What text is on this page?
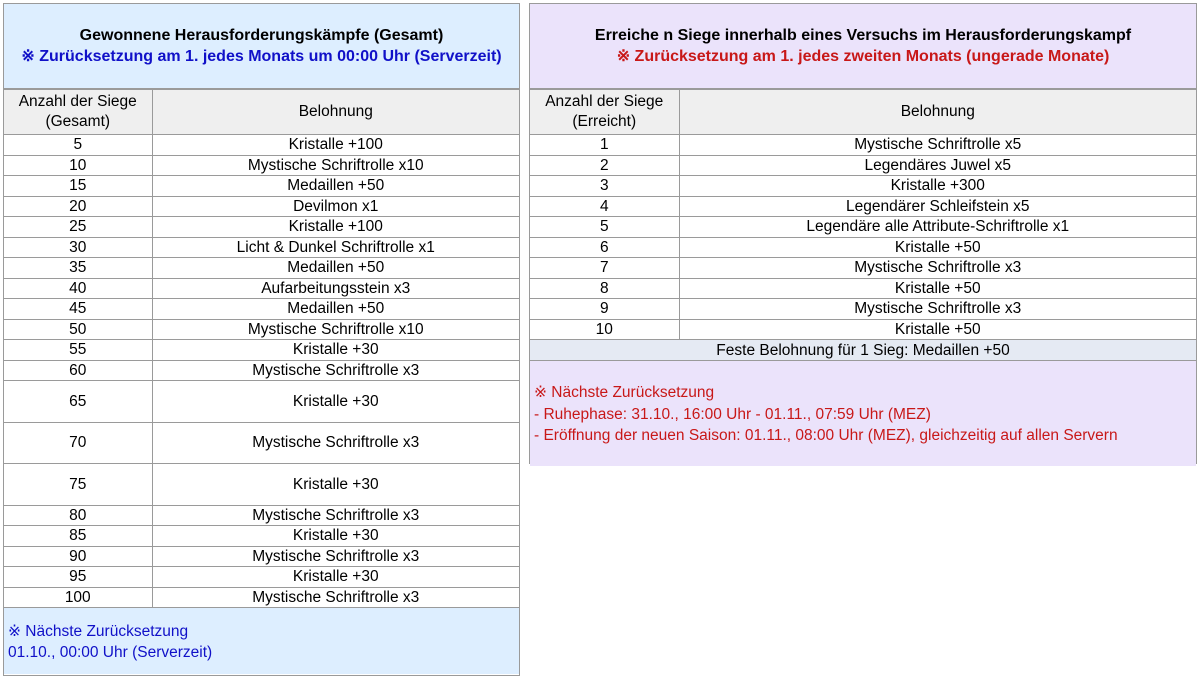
Gewonnene Herausforderungskämpfe (Gesamt)
※ Zurücksetzung am 1. jedes Monats um 00:00 Uhr (Serverzeit)
Anzahl der Siege (Gesamt)	Belohnung
5	Kristalle +100
10	Mystische Schriftrolle x10
15	Medaillen +50
20	Devilmon x1
25	Kristalle +100
30	Licht & Dunkel Schriftrolle x1
35	Medaillen +50
40	Aufarbeitungsstein x3
45	Medaillen +50
50	Mystische Schriftrolle x10
55	Kristalle +30
60	Mystische Schriftrolle x3
65	Kristalle +30
70	Mystische Schriftrolle x3
75	Kristalle +30
80	Mystische Schriftrolle x3
85	Kristalle +30
90	Mystische Schriftrolle x3
95	Kristalle +30
100	Mystische Schriftrolle x3
※ Nächste Zurücksetzung
01.10., 00:00 Uhr (Serverzeit)
Erreiche n Siege innerhalb eines Versuchs im Herausforderungskampf
※ Zurücksetzung am 1. jedes zweiten Monats (ungerade Monate)
Anzahl der Siege (Erreicht)	Belohnung
1	Mystische Schriftrolle x5
2	Legendäres Juwel x5
3	Kristalle +300
4	Legendärer Schleifstein x5
5	Legendäre alle Attribute-Schriftrolle x1
6	Kristalle +50
7	Mystische Schriftrolle x3
8	Kristalle +50
9	Mystische Schriftrolle x3
10	Kristalle +50
Feste Belohnung für 1 Sieg: Medaillen +50	
※ Nächste Zurücksetzung
- Ruhephase: 31.10., 16:00 Uhr - 01.11., 07:59 Uhr (MEZ)
- Eröffnung der neuen Saison: 01.11., 08:00 Uhr (MEZ), gleichzeitig auf allen Servern
